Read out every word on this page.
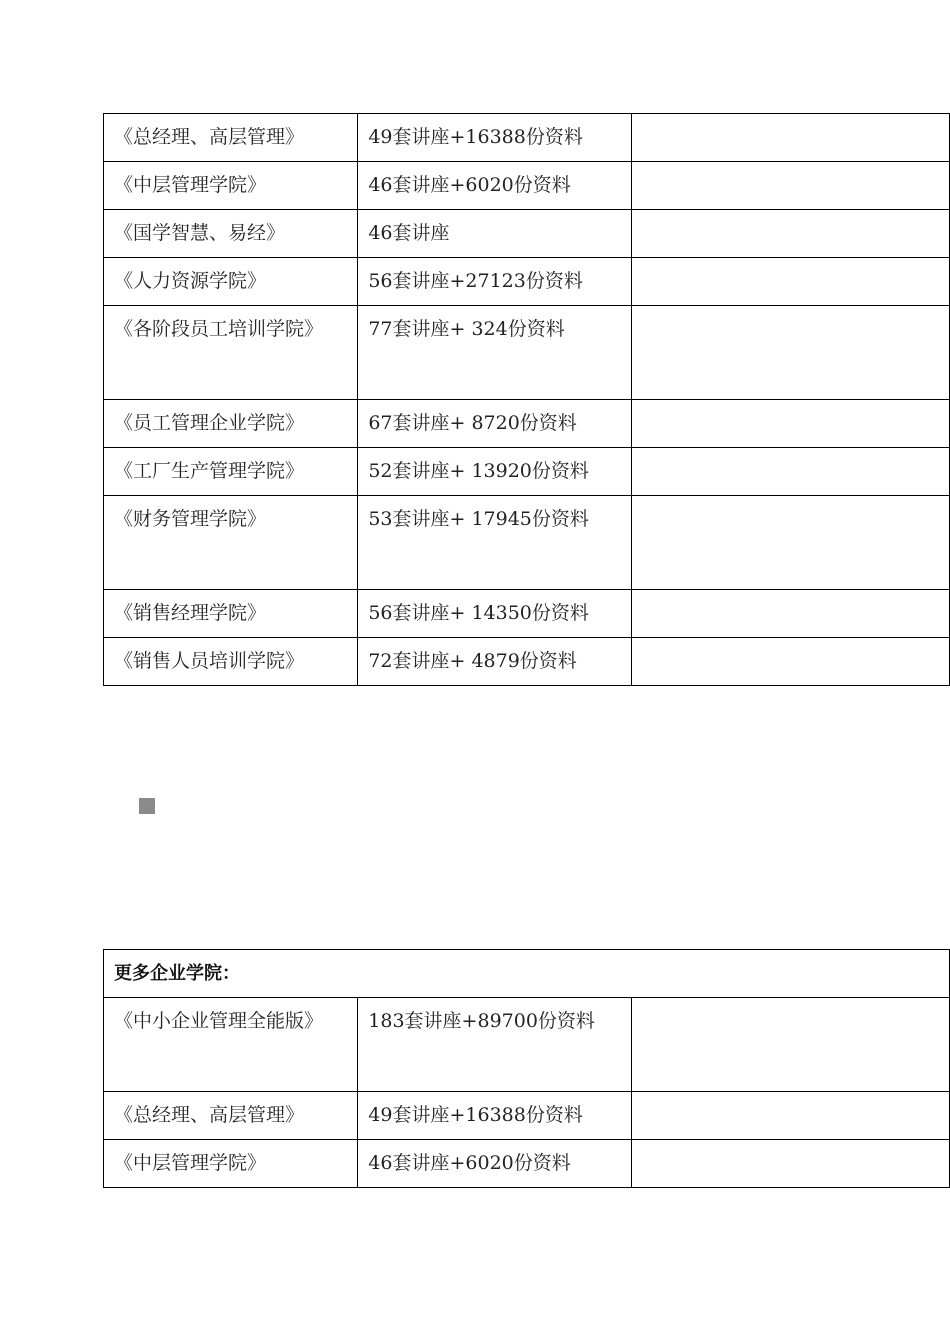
《总经理、高层管理》	49套讲座+16388份资料	
《中层管理学院》	46套讲座+6020份资料	
《国学智慧、易经》	46套讲座	
《人力资源学院》	56套讲座+27123份资料	
《各阶段员工培训学院》	77套讲座+ 324份资料	
《员工管理企业学院》	67套讲座+ 8720份资料	
《工厂生产管理学院》	52套讲座+ 13920份资料	
《财务管理学院》	53套讲座+ 17945份资料	
《销售经理学院》	56套讲座+ 14350份资料	
《销售人员培训学院》	72套讲座+ 4879份资料	
更多企业学院：		
《中小企业管理全能版》	183套讲座+89700份资料	
《总经理、高层管理》	49套讲座+16388份资料	
《中层管理学院》	46套讲座+6020份资料	
